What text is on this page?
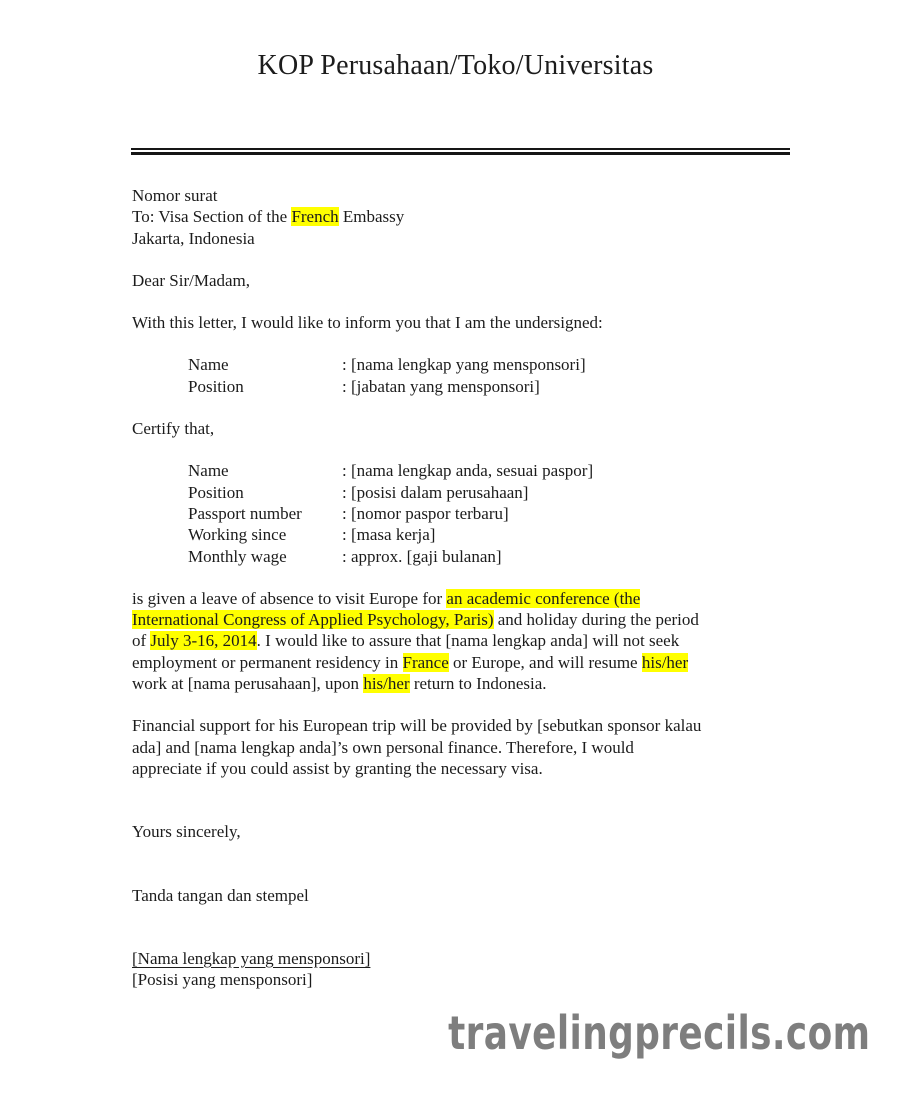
KOP Perusahaan/Toko/Universitas
Nomor surat
To: Visa Section of the French Embassy
Jakarta, Indonesia

Dear Sir/Madam,

With this letter, I would like to inform you that I am the undersigned:

Name	: [nama lengkap yang mensponsori]
Position	: [jabatan yang mensponsori]

Certify that,

Name	: [nama lengkap anda, sesuai paspor]
Position	: [posisi dalam perusahaan]
Passport number	: [nomor paspor terbaru]
Working since	: [masa kerja]
Monthly wage	: approx. [gaji bulanan]
is given a leave of absence to visit Europe for an academic conference (the
International Congress of Applied Psychology, Paris) and holiday during the period
of July 3-16, 2014. I would like to assure that [nama lengkap anda] will not seek
employment or permanent residency in France or Europe, and will resume his/her
work at [nama perusahaan], upon his/her return to Indonesia.
Financial support for his European trip will be provided by [sebutkan sponsor kalau
ada] and [nama lengkap anda]’s own personal finance. Therefore, I would
appreciate if you could assist by granting the necessary visa.

Yours sincerely,

Tanda tangan dan stempel

[Nama lengkap yang mensponsori]

[Posisi yang mensponsori]

travelingprecils.com
